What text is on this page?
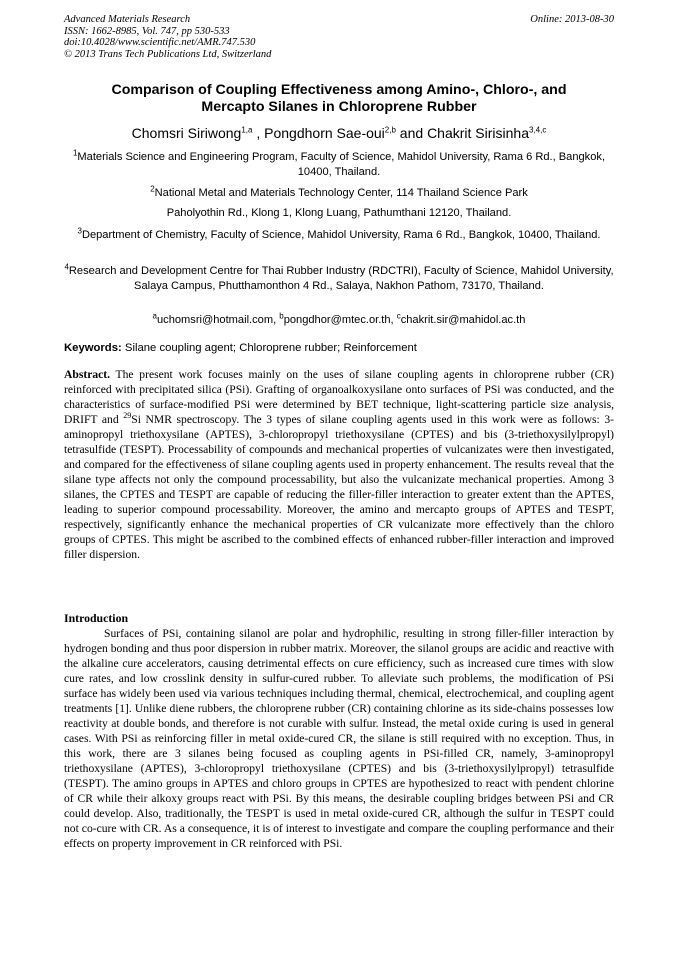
Advanced Materials Research
ISSN: 1662-8985, Vol. 747, pp 530-533
doi:10.4028/www.scientific.net/AMR.747.530
© 2013 Trans Tech Publications Ltd, Switzerland
Online: 2013-08-30
Comparison of Coupling Effectiveness among Amino-, Chloro-, and
Mercapto Silanes in Chloroprene Rubber
Chomsri Siriwong$^{1,a}$ , Pongdhorn Sae-oui$^{2,b}$ and Chakrit Sirisinha$^{3,4,c}$
$^1$Materials Science and Engineering Program, Faculty of Science, Mahidol University, Rama 6 Rd., Bangkok, 10400, Thailand.
$^2$National Metal and Materials Technology Center, 114 Thailand Science Park
Paholyothin Rd., Klong 1, Klong Luang, Pathumthani 12120, Thailand.
$^3$Department of Chemistry, Faculty of Science, Mahidol University, Rama 6 Rd., Bangkok, 10400, Thailand.
$^4$Research and Development Centre for Thai Rubber Industry (RDCTRI), Faculty of Science, Mahidol University, Salaya Campus, Phutthamonthon 4 Rd., Salaya, Nakhon Pathom, 73170, Thailand.
$^a$uchomsri@hotmail.com, $^b$pongdhor@mtec.or.th, $^c$chakrit.sir@mahidol.ac.th
Keywords: Silane coupling agent; Chloroprene rubber; Reinforcement
Abstract. The present work focuses mainly on the uses of silane coupling agents in chloroprene rubber (CR) reinforced with precipitated silica (PSi). Grafting of organoalkoxysilane onto surfaces of PSi was conducted, and the characteristics of surface-modified PSi were determined by BET technique, light-scattering particle size analysis, DRIFT and $^{29}$Si NMR spectroscopy. The 3 types of silane coupling agents used in this work were as follows: 3-aminopropyl triethoxysilane (APTES), 3-chloropropyl triethoxysilane (CPTES) and bis (3-triethoxysilylpropyl) tetrasulfide (TESPT). Processability of compounds and mechanical properties of vulcanizates were then investigated, and compared for the effectiveness of silane coupling agents used in property enhancement. The results reveal that the silane type affects not only the compound processability, but also the vulcanizate mechanical properties. Among 3 silanes, the CPTES and TESPT are capable of reducing the filler-filler interaction to greater extent than the APTES, leading to superior compound processability. Moreover, the amino and mercapto groups of APTES and TESPT, respectively, significantly enhance the mechanical properties of CR vulcanizate more effectively than the chloro groups of CPTES. This might be ascribed to the combined effects of enhanced rubber-filler interaction and improved filler dispersion.
Introduction
Surfaces of PSi, containing silanol are polar and hydrophilic, resulting in strong filler-filler interaction by hydrogen bonding and thus poor dispersion in rubber matrix. Moreover, the silanol groups are acidic and reactive with the alkaline cure accelerators, causing detrimental effects on cure efficiency, such as increased cure times with slow cure rates, and low crosslink density in sulfur-cured rubber. To alleviate such problems, the modification of PSi surface has widely been used via various techniques including thermal, chemical, electrochemical, and coupling agent treatments [1]. Unlike diene rubbers, the chloroprene rubber (CR) containing chlorine as its side-chains possesses low reactivity at double bonds, and therefore is not curable with sulfur. Instead, the metal oxide curing is used in general cases. With PSi as reinforcing filler in metal oxide-cured CR, the silane is still required with no exception. Thus, in this work, there are 3 silanes being focused as coupling agents in PSi-filled CR, namely, 3-aminopropyl triethoxysilane (APTES), 3-chloropropyl triethoxysilane (CPTES) and bis (3-triethoxysilylpropyl) tetrasulfide (TESPT). The amino groups in APTES and chloro groups in CPTES are hypothesized to react with pendent chlorine of CR while their alkoxy groups react with PSi. By this means, the desirable coupling bridges between PSi and CR could develop. Also, traditionally, the TESPT is used in metal oxide-cured CR, although the sulfur in TESPT could not co-cure with CR. As a consequence, it is of interest to investigate and compare the coupling performance and their effects on property improvement in CR reinforced with PSi.
